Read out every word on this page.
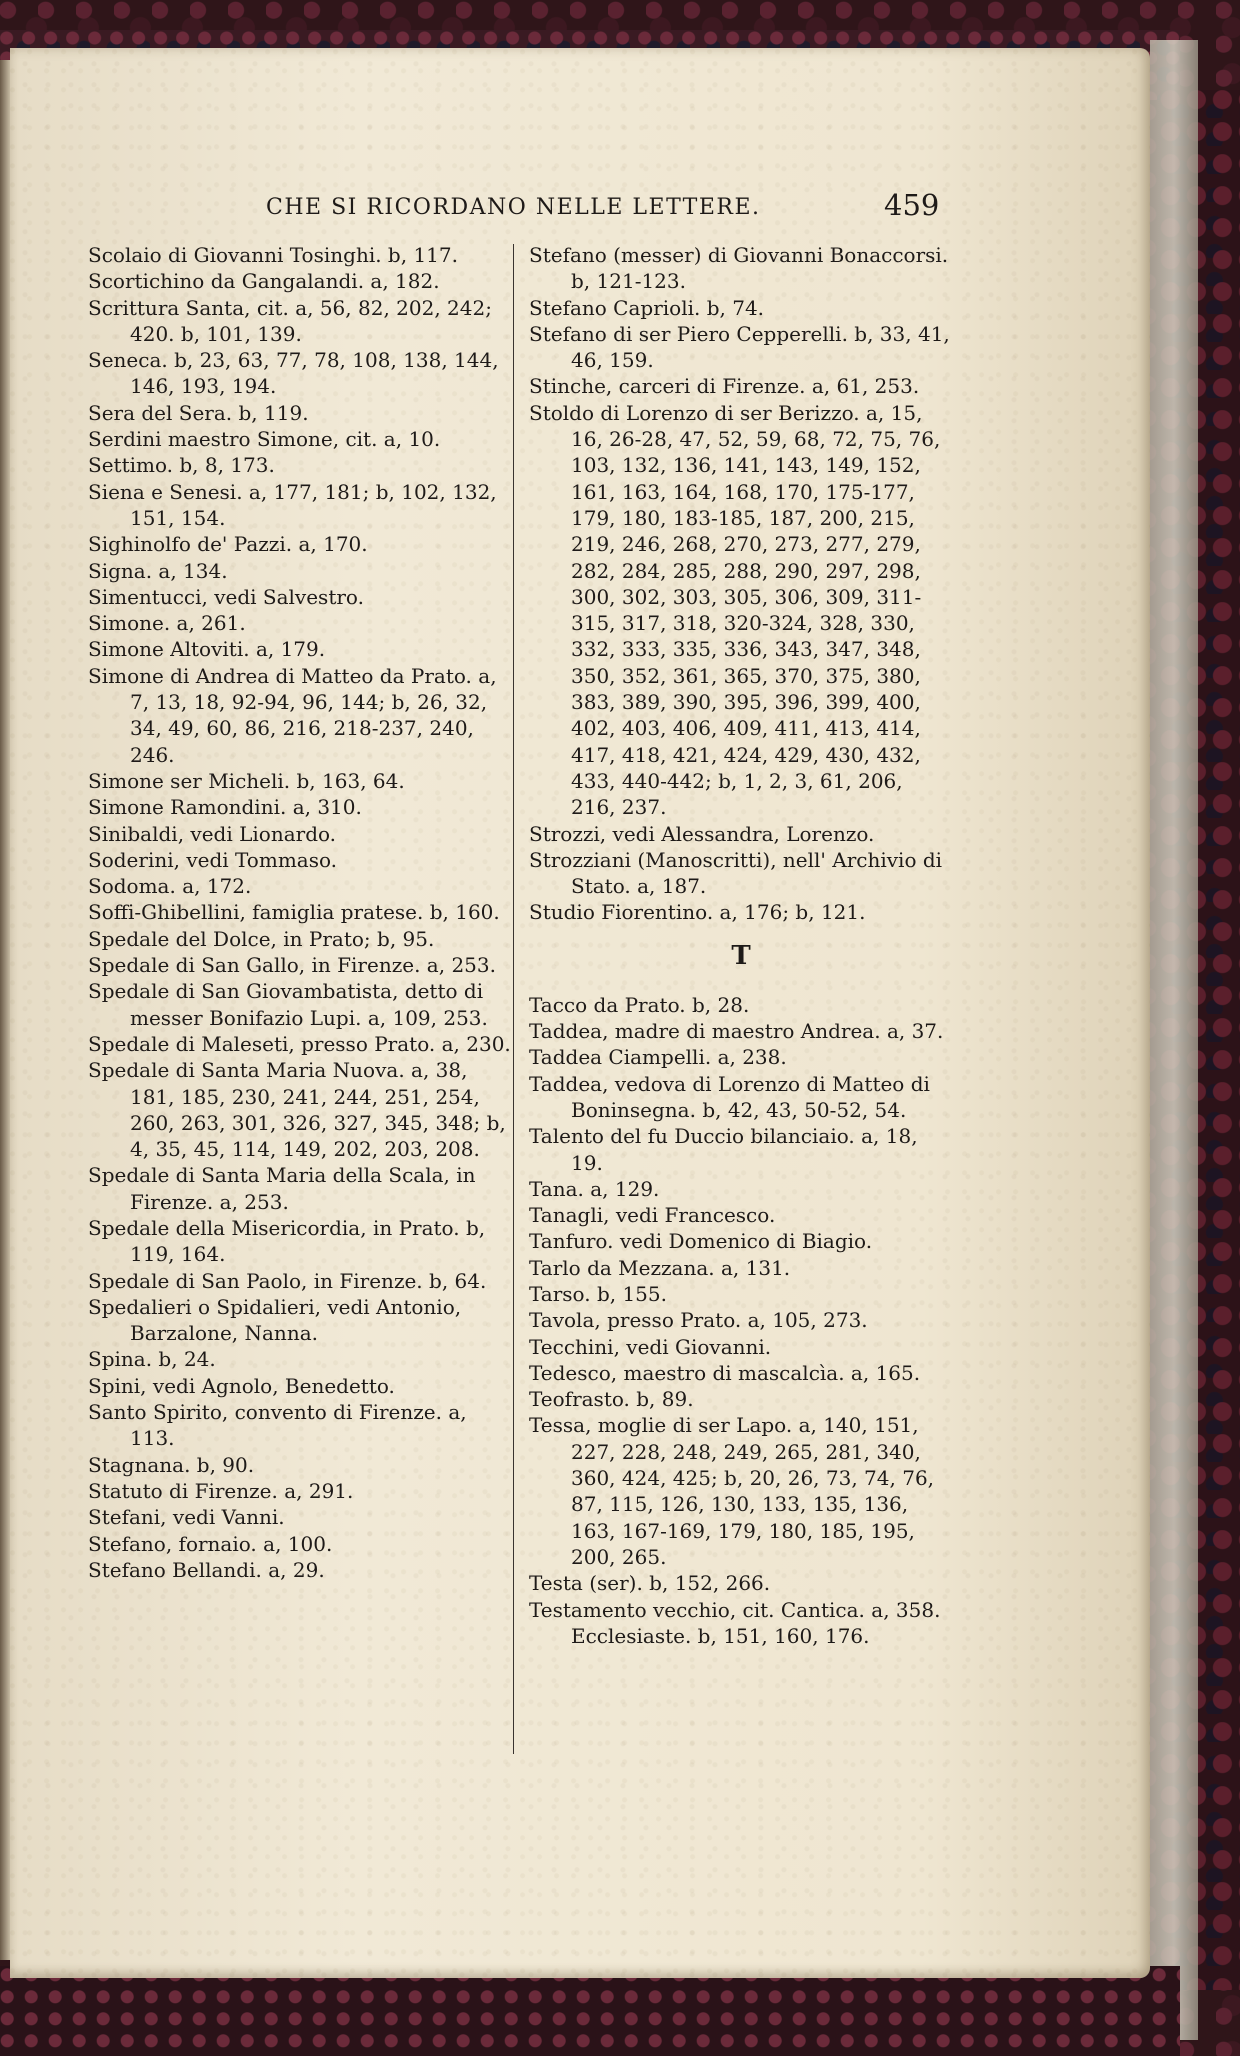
CHE SI RICORDANO NELLE LETTERE.	459

Scolaio di Giovanni Tosinghi. b, 117.

Scortichino da Gangalandi. a, 182.

Scrittura Santa, cit. a, 56, 82, 202, 242; 420. b, 101, 139.

Seneca. b, 23, 63, 77, 78, 108, 138, 144, 146, 193, 194.

Sera del Sera. b, 119.

Serdini maestro Simone, cit. a, 10.

Settimo. b, 8, 173.

Siena e Senesi. a, 177, 181; b, 102, 132, 151, 154.

Sighinolfo de' Pazzi. a, 170.

Signa. a, 134.

Simentucci, vedi Salvestro.

Simone. a, 261.

Simone Altoviti. a, 179.

Simone di Andrea di Matteo da Prato. a, 7, 13, 18, 92-94, 96, 144; b, 26, 32, 34, 49, 60, 86, 216, 218-237, 240, 246.

Simone ser Micheli. b, 163, 64.

Simone Ramondini. a, 310.

Sinibaldi, vedi Lionardo.

Soderini, vedi Tommaso.

Sodoma. a, 172.

Soffi-Ghibellini, famiglia pratese. b, 160.

Spedale del Dolce, in Prato; b, 95.

Spedale di San Gallo, in Firenze. a, 253.

Spedale di San Giovambatista, detto di messer Bonifazio Lupi. a, 109, 253.

Spedale di Maleseti, presso Prato. a, 230.

Spedale di Santa Maria Nuova. a, 38, 181, 185, 230, 241, 244, 251, 254, 260, 263, 301, 326, 327, 345, 348; b, 4, 35, 45, 114, 149, 202, 203, 208.

Spedale di Santa Maria della Scala, in Firenze. a, 253.

Spedale della Misericordia, in Prato. b, 119, 164.

Spedale di San Paolo, in Firenze. b, 64.

Spedalieri o Spidalieri, vedi Antonio, Barzalone, Nanna.

Spina. b, 24.

Spini, vedi Agnolo, Benedetto.

Santo Spirito, convento di Firenze. a, 113.

Stagnana. b, 90.

Statuto di Firenze. a, 291.

Stefani, vedi Vanni.

Stefano, fornaio. a, 100.

Stefano Bellandi. a, 29.

Stefano (messer) di Giovanni Bonaccorsi. b, 121-123.

Stefano Caprioli. b, 74.

Stefano di ser Piero Cepperelli. b, 33, 41, 46, 159.

Stinche, carceri di Firenze. a, 61, 253.

Stoldo di Lorenzo di ser Berizzo. a, 15, 16, 26-28, 47, 52, 59, 68, 72, 75, 76, 103, 132, 136, 141, 143, 149, 152, 161, 163, 164, 168, 170, 175-177, 179, 180, 183-185, 187, 200, 215, 219, 246, 268, 270, 273, 277, 279, 282, 284, 285, 288, 290, 297, 298, 300, 302, 303, 305, 306, 309, 311-315, 317, 318, 320-324, 328, 330, 332, 333, 335, 336, 343, 347, 348, 350, 352, 361, 365, 370, 375, 380, 383, 389, 390, 395, 396, 399, 400, 402, 403, 406, 409, 411, 413, 414, 417, 418, 421, 424, 429, 430, 432, 433, 440-442; b, 1, 2, 3, 61, 206, 216, 237.

Strozzi, vedi Alessandra, Lorenzo.

Strozziani (Manoscritti), nell' Archivio di Stato. a, 187.

Studio Fiorentino. a, 176; b, 121.

T

Tacco da Prato. b, 28.

Taddea, madre di maestro Andrea. a, 37.

Taddea Ciampelli. a, 238.

Taddea, vedova di Lorenzo di Matteo di Boninsegna. b, 42, 43, 50-52, 54.

Talento del fu Duccio bilanciaio. a, 18, 19.

Tana. a, 129.

Tanagli, vedi Francesco.

Tanfuro. vedi Domenico di Biagio.

Tarlo da Mezzana. a, 131.

Tarso. b, 155.

Tavola, presso Prato. a, 105, 273.

Tecchini, vedi Giovanni.

Tedesco, maestro di mascalcìa. a, 165.

Teofrasto. b, 89.

Tessa, moglie di ser Lapo. a, 140, 151, 227, 228, 248, 249, 265, 281, 340, 360, 424, 425; b, 20, 26, 73, 74, 76, 87, 115, 126, 130, 133, 135, 136, 163, 167-169, 179, 180, 185, 195, 200, 265.

Testa (ser). b, 152, 266.

Testamento vecchio, cit. Cantica. a, 358. Ecclesiaste. b, 151, 160, 176.
